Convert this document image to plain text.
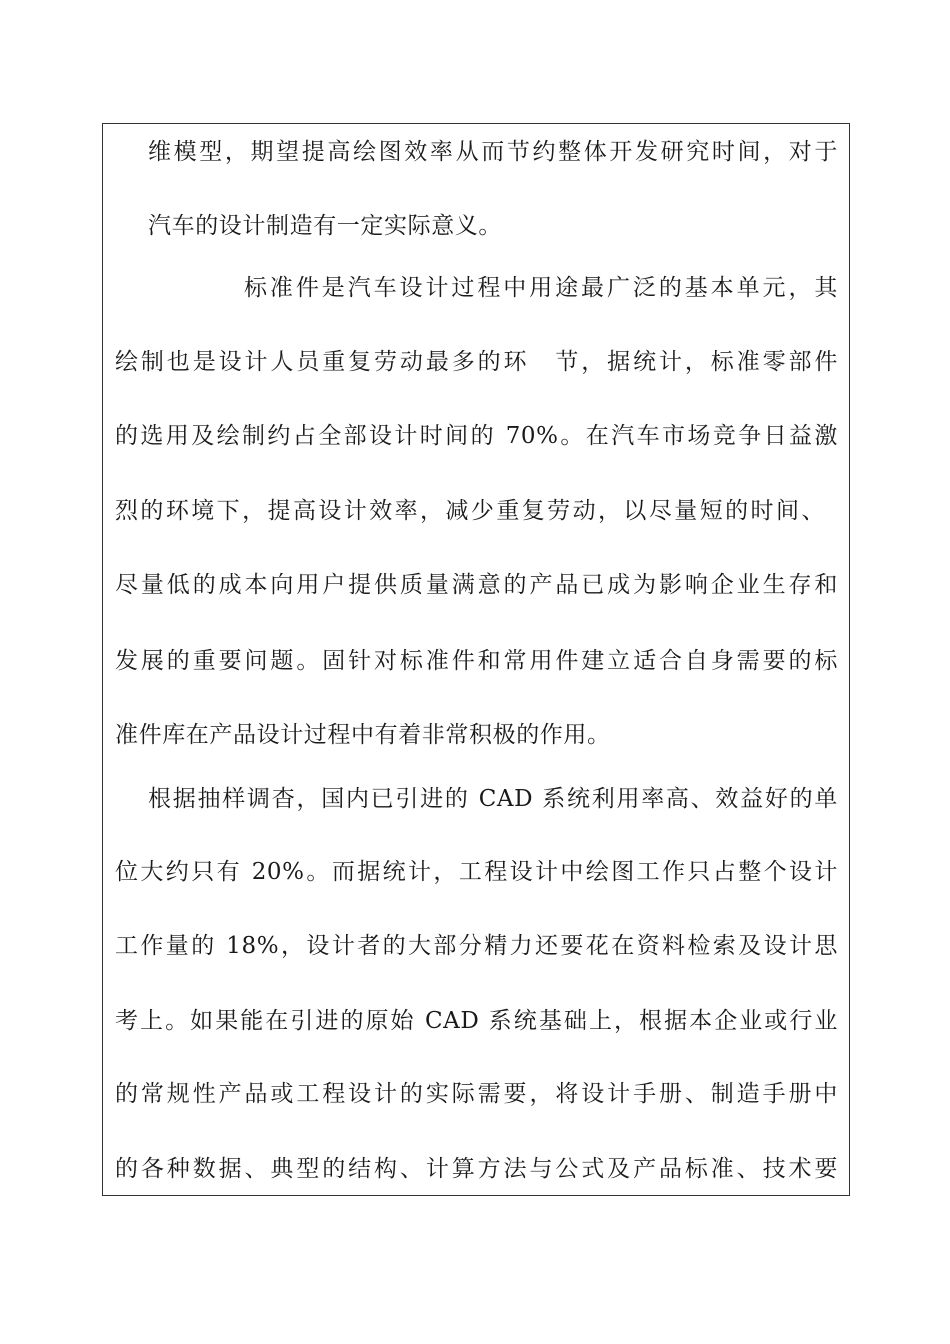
维模型，期望提高绘图效率从而节约整体开发研究时间，对于
汽车的设计制造有一定实际意义。
标准件是汽车设计过程中用途最广泛的基本单元，其
绘制也是设计人员重复劳动最多的环　节，据统计，标准零部件
的选用及绘制约占全部设计时间的 70%。在汽车市场竞争日益激
烈的环境下，提高设计效率，减少重复劳动，以尽量短的时间、
尽量低的成本向用户提供质量满意的产品已成为影响企业生存和
发展的重要问题。固针对标准件和常用件建立适合自身需要的标
准件库在产品设计过程中有着非常积极的作用。
根据抽样调杳，国内已引进的 CAD 系统利用率高、效益好的单
位大约只有 20%。而据统计，工程设计中绘图工作只占整个设计
工作量的 18%，设计者的大部分精力还要花在资料检索及设计思
考上。如果能在引进的原始 CAD 系统基础上，根据本企业或行业
的常规性产品或工程设计的实际需要，将设计手册、制造手册中
的各种数据、典型的结构、计算方法与公式及产品标准、技术要
